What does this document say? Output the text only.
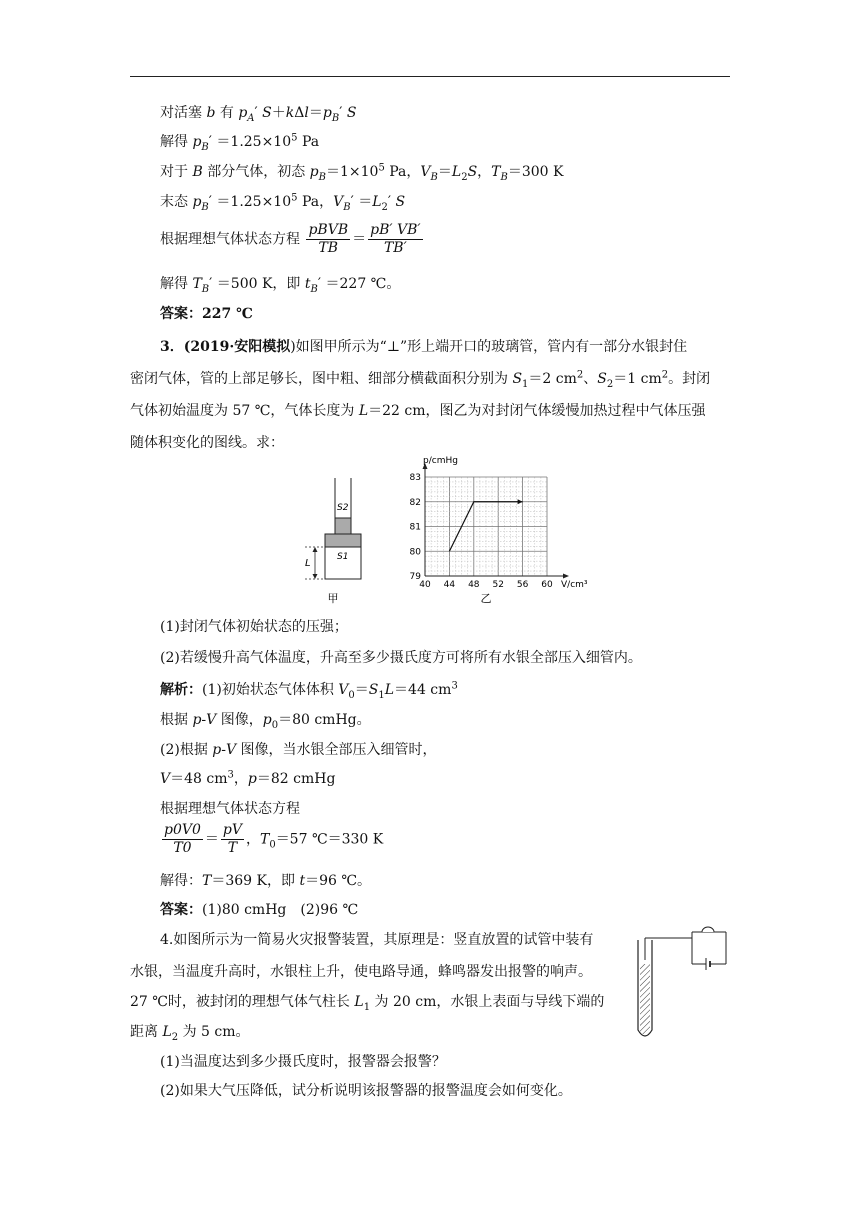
对活塞 b 有 $p_A'$ $S+k\Delta l=p_B'$ S
解得 $p_B' =1.25\times 10^5$ Pa
对于 B 部分气体，初态 $p_B=1\times 10^5$ Pa，$V_B=L_2S$，$T_B=300$ K
末态 $p_B' =1.25\times 10^5$ Pa，$V_B' =L_2'$ S
根据理想气体状态方程 $\frac{\text{pBVB}}{TB} = \frac{pB' VB'}{TB'}$
解得 $T_B' =500$ K，即 $t_B' =227$ ℃。
答案：227 ℃
3．(2019·安阳模拟)如图甲所示为“⊥”形上端开口的玻璃管，管内有一部分水银封住
密闭气体，管的上部足够长，图中粗、细部分横截面积分别为 $S_1=2$ $cm^2$、$S_2=1$ $cm^2$。封闭
气体初始温度为 57 ℃，气体长度为 L＝22 cm，图乙为对封闭气体缓慢加热过程中气体压强
随体积变化的图线。求：
S2
S1
L
甲
40 44 48 52 56 60
79
80
81
82
83
p/cmHg
V/cm³
乙
(1)封闭气体初始状态的压强；
(2)若缓慢升高气体温度，升高至多少摄氏度方可将所有水银全部压入细管内。
解析：(1)初始状态气体体积 $V_0=S_1L=44$ $cm^3$
根据 p-V 图像，$p_0=80$ cmHg。
(2)根据 p-V 图像，当水银全部压入细管时，
V＝48 $cm^3$，p＝82 cmHg
根据理想气体状态方程
$\frac{p0V0}{T0} = \frac{pV}{T}$ ，$T_0=57$ ℃＝330 K
解得：T＝369 K，即 t＝96 ℃。
答案：(1)80 cmHg　(2)96 ℃
4.如图所示为一简易火灾报警装置，其原理是：竖直放置的试管中装有
水银，当温度升高时，水银柱上升，使电路导通，蜂鸣器发出报警的响声。
27 ℃时，被封闭的理想气体气柱长 $L_1$ 为 20 cm，水银上表面与导线下端的
距离 $L_2$ 为 5 cm。
(1)当温度达到多少摄氏度时，报警器会报警？
(2)如果大气压降低，试分析说明该报警器的报警温度会如何变化。
